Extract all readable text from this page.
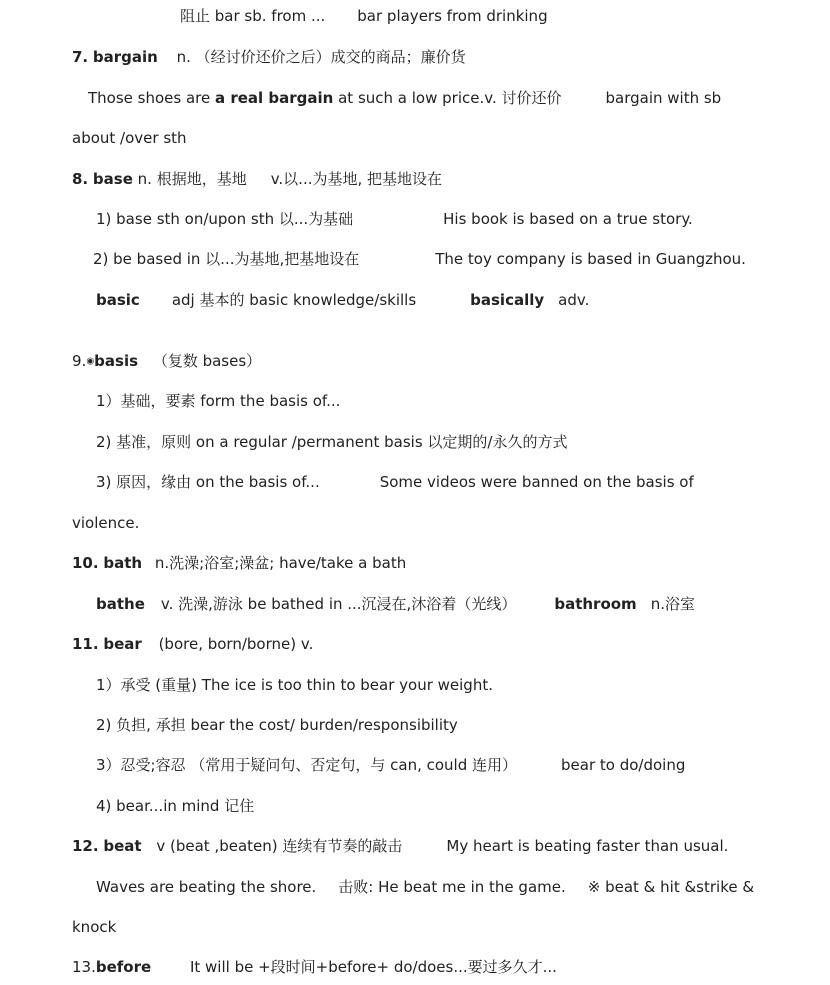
阻止 bar sb. from ... bar players from drinking
7. bargain n. （经讨价还价之后）成交的商品；廉价货
Those shoes are a real bargain at such a low price.v. 讨价还价	bargain with sb
about /over sth
8. base n. 根据地，基地 v.以...为基地, 把基地设在
1) base sth on/upon sth 以...为基础	His book is based on a true story.
2) be based in 以...为基地,把基地设在	The toy company is based in Guangzhou.
basic adj 基本的 basic knowledge/skills	basically adv.
9.◉basis （复数 bases）
1）基础，要素 form the basis of...
2) 基准，原则 on a regular /permanent basis 以定期的/永久的方式
3) 原因，缘由 on the basis of...	Some videos were banned on the basis of
violence.
10. bath n.洗澡;浴室;澡盆; have/take a bath
bathe v. 洗澡,游泳 be bathed in ...沉浸在,沐浴着（光线）	bathroom n.浴室
11. bear (bore, born/borne) v.
1）承受 (重量) The ice is too thin to bear your weight.
2) 负担, 承担 bear the cost/ burden/responsibility
3）忍受;容忍 （常用于疑问句、否定句，与 can, could 连用）	bear to do/doing
4) bear...in mind 记住
12. beat v (beat ,beaten) 连续有节奏的敲击	My heart is beating faster than usual.
Waves are beating the shore. 击败: He beat me in the game. ※ beat & hit &strike &
knock
13.before	It will be +段时间+before+ do/does...要过多久才...
